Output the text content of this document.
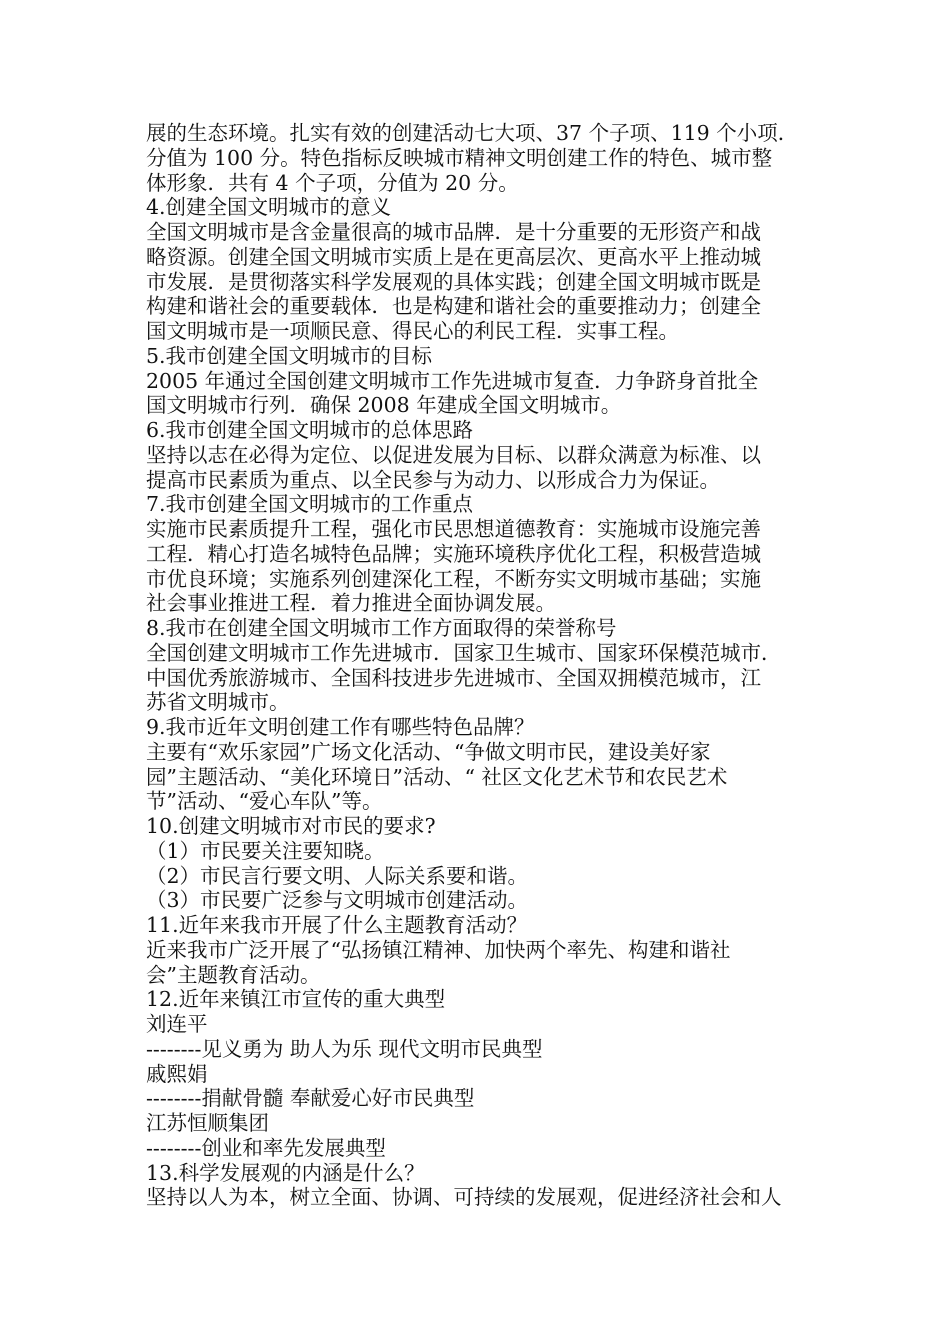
展的生态环境。扎实有效的创建活动七大项、37 个子项、119 个小项．
分值为 100 分。特色指标反映城市精神文明创建工作的特色、城市整
体形象．共有 4 个子项，分值为 20 分。
4.创建全国文明城市的意义
全国文明城市是含金量很高的城市品牌．是十分重要的无形资产和战
略资源。创建全国文明城市实质上是在更高层次、更高水平上推动城
市发展．是贯彻落实科学发展观的具体实践；创建全国文明城市既是
构建和谐社会的重要载体．也是构建和谐社会的重要推动力；创建全
国文明城市是一项顺民意、得民心的利民工程．实事工程。
5.我市创建全国文明城市的目标
2005 年通过全国创建文明城市工作先进城市复查．力争跻身首批全
国文明城市行列．确保 2008 年建成全国文明城市。
6.我市创建全国文明城市的总体思路
坚持以志在必得为定位、以促进发展为目标、以群众满意为标准、以
提高市民素质为重点、以全民参与为动力、以形成合力为保证。
7.我市创建全国文明城市的工作重点
实施市民素质提升工程，强化市民思想道德教育：实施城市设施完善
工程．精心打造名城特色品牌；实施环境秩序优化工程，积极营造城
市优良环境；实施系列创建深化工程，不断夯实文明城市基础；实施
社会事业推进工程．着力推进全面协调发展。
8.我市在创建全国文明城市工作方面取得的荣誉称号
全国创建文明城市工作先进城市．国家卫生城市、国家环保模范城市．
中国优秀旅游城市、全国科技进步先进城市、全国双拥模范城市，江
苏省文明城市。
9.我市近年文明创建工作有哪些特色品牌？
主要有“欢乐家园”广场文化活动、“争做文明市民，建设美好家
园”主题活动、“美化环境日”活动、“ 社区文化艺术节和农民艺术
节”活动、“爱心车队”等。
10.创建文明城市对市民的要求?
（1）市民要关注要知晓。
（2）市民言行要文明、人际关系要和谐。
（3）市民要广泛参与文明城市创建活动。
11.近年来我市开展了什么主题教育活动？
近来我市广泛开展了“弘扬镇江精神、加快两个率先、构建和谐社
会”主题教育活动。
12.近年来镇江市宣传的重大典型
刘连平
--------见义勇为 助人为乐 现代文明市民典型
戚熙娟
--------捐献骨髓 奉献爱心好市民典型
江苏恒顺集团
--------创业和率先发展典型
13.科学发展观的内涵是什么？
坚持以人为本，树立全面、协调、可持续的发展观，促进经济社会和人
